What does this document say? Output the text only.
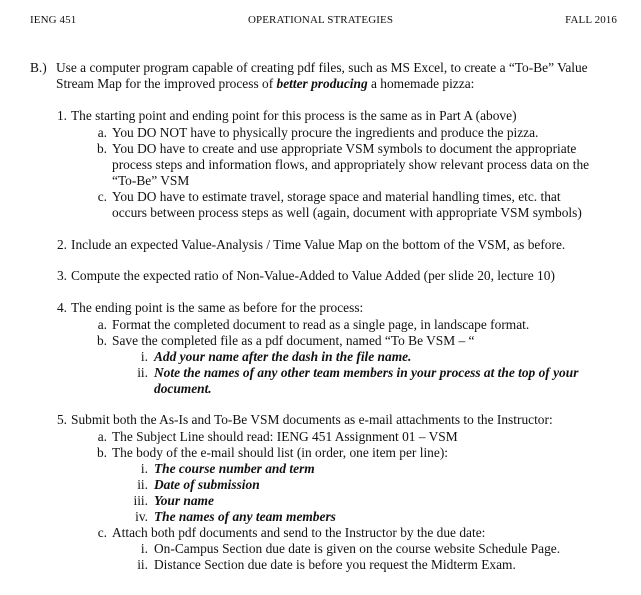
IENG 451	OPERATIONAL STRATEGIES	FALL 2016
B.) Use a computer program capable of creating pdf files, such as MS Excel, to create a “To-Be” Value
Stream Map for the improved process of better producing a homemade pizza:
1. The starting point and ending point for this process is the same as in Part A (above)
a. You DO NOT have to physically procure the ingredients and produce the pizza.
b. You DO have to create and use appropriate VSM symbols to document the appropriate
process steps and information flows, and appropriately show relevant process data on the
“To-Be” VSM
c. You DO have to estimate travel, storage space and material handling times, etc. that
occurs between process steps as well (again, document with appropriate VSM symbols)
2. Include an expected Value-Analysis / Time Value Map on the bottom of the VSM, as before.
3. Compute the expected ratio of Non-Value-Added to Value Added (per slide 20, lecture 10)
4. The ending point is the same as before for the process:
a. Format the completed document to read as a single page, in landscape format.
b. Save the completed file as a pdf document, named “To Be VSM – “
i. Add your name after the dash in the file name.
ii. Note the names of any other team members in your process at the top of your
document.
5. Submit both the As-Is and To-Be VSM documents as e-mail attachments to the Instructor:
a. The Subject Line should read: IENG 451 Assignment 01 – VSM
b. The body of the e-mail should list (in order, one item per line):
i. The course number and term
ii. Date of submission
iii. Your name
iv. The names of any team members
c. Attach both pdf documents and send to the Instructor by the due date:
i. On-Campus Section due date is given on the course website Schedule Page.
ii. Distance Section due date is before you request the Midterm Exam.
